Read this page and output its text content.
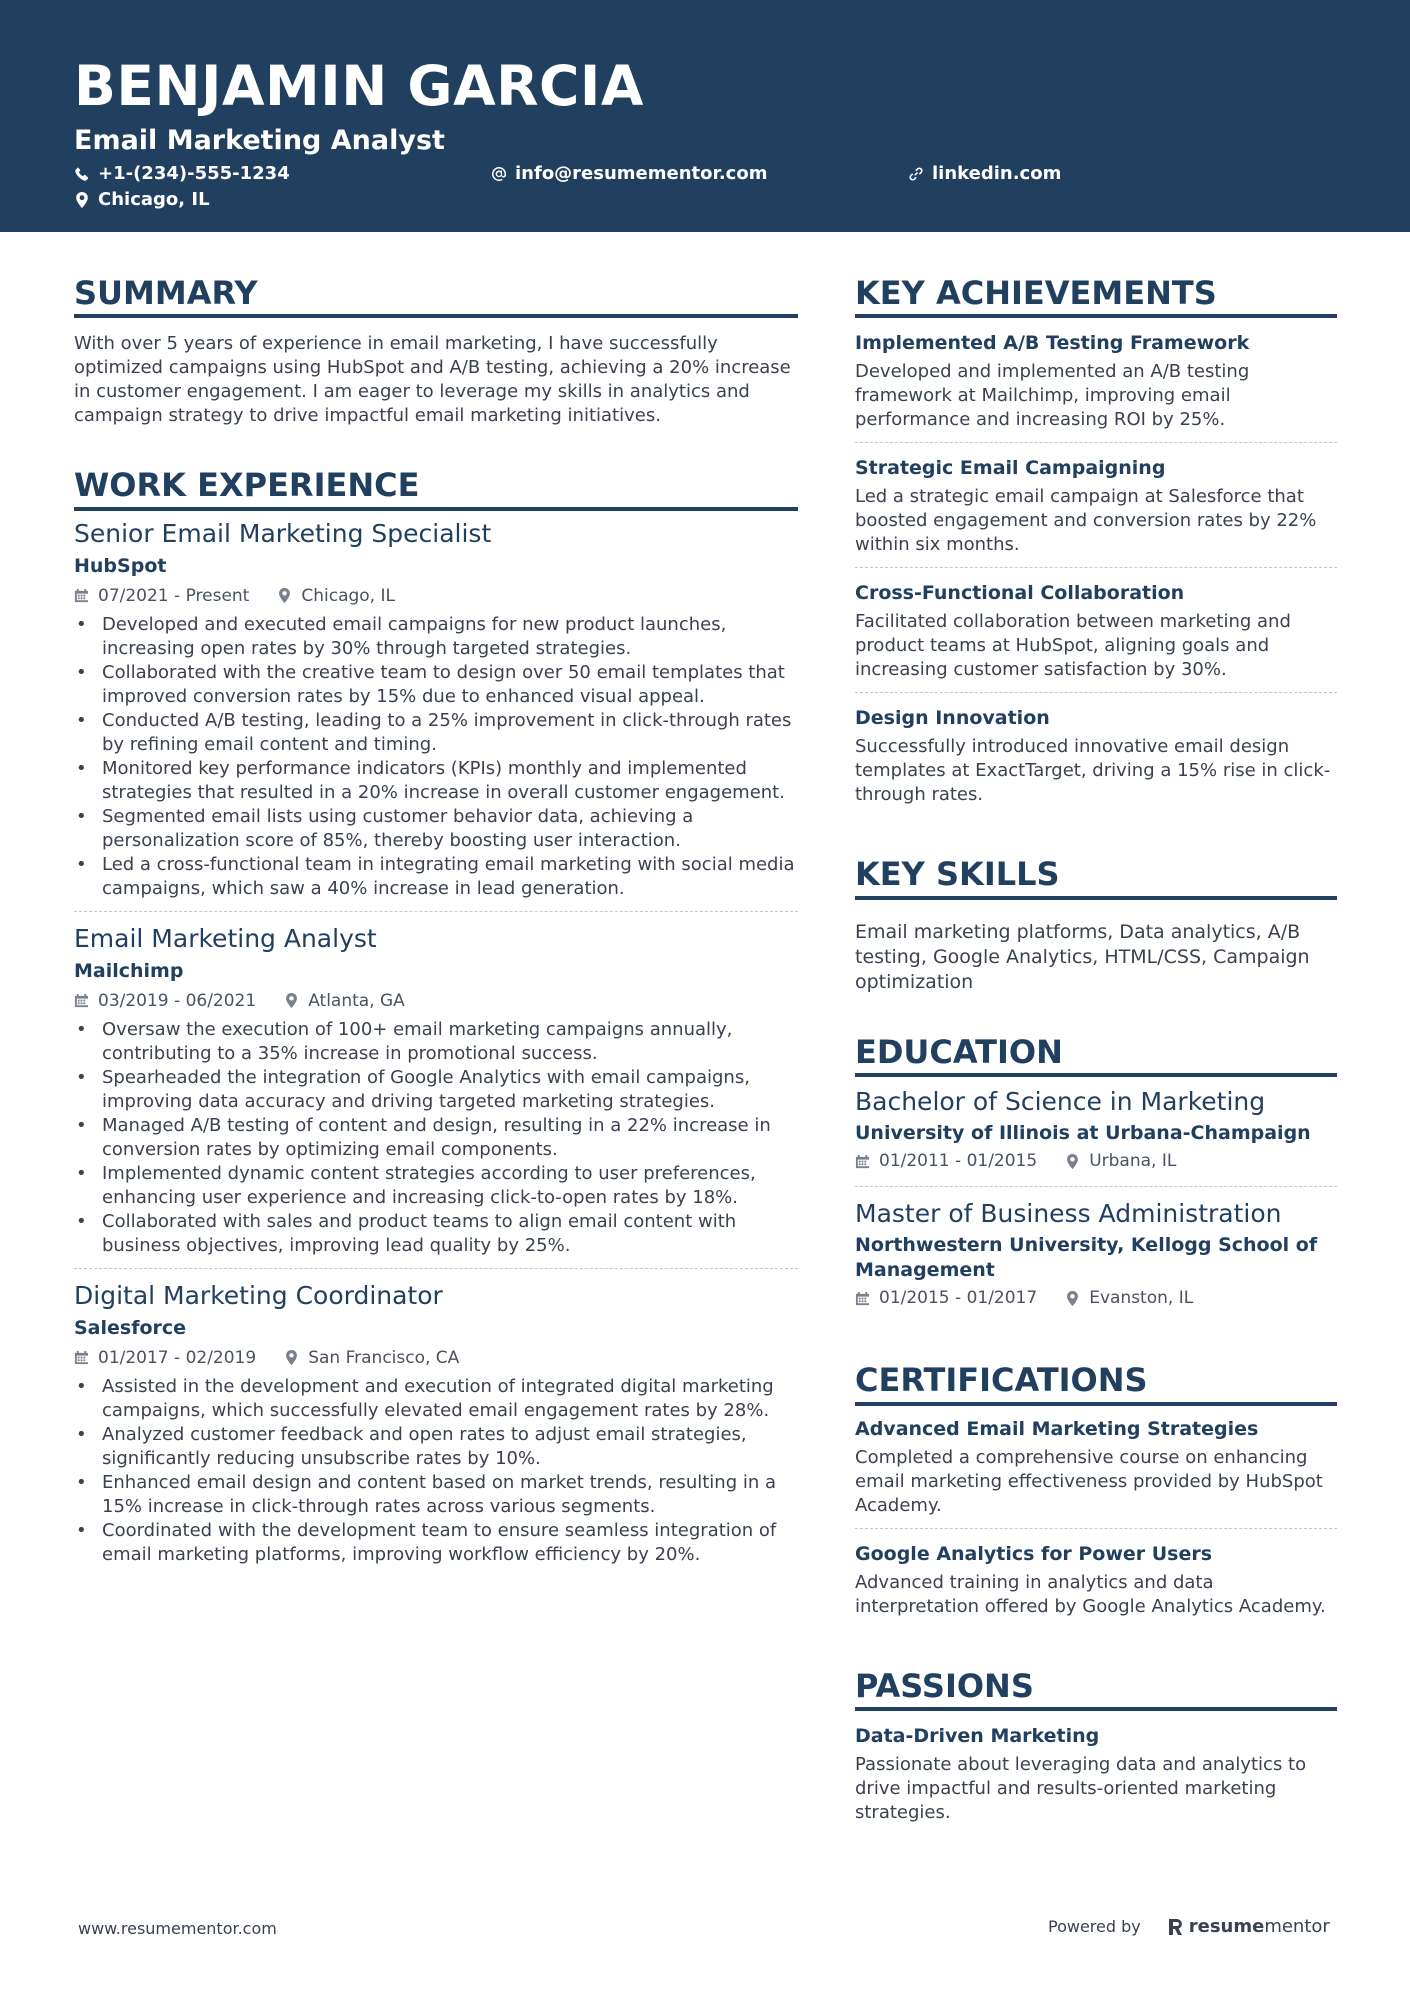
BENJAMIN GARCIA
Email Marketing Analyst
+1-(234)-555-1234	info@resumementor.com	linkedin.com
Chicago, IL
SUMMARY

With over 5 years of experience in email marketing, I have successfully optimized campaigns using HubSpot and A/B testing, achieving a 20% increase in customer engagement. I am eager to leverage my skills in analytics and campaign strategy to drive impactful email marketing initiatives.

WORK EXPERIENCE
Senior Email Marketing Specialist
HubSpot
07/2021 - Present	Chicago, IL
• Developed and executed email campaigns for new product launches, increasing open rates by 30% through targeted strategies.
• Collaborated with the creative team to design over 50 email templates that improved conversion rates by 15% due to enhanced visual appeal.
• Conducted A/B testing, leading to a 25% improvement in click-through rates by refining email content and timing.
• Monitored key performance indicators (KPIs) monthly and implemented strategies that resulted in a 20% increase in overall customer engagement.
• Segmented email lists using customer behavior data, achieving a personalization score of 85%, thereby boosting user interaction.
• Led a cross-functional team in integrating email marketing with social media campaigns, which saw a 40% increase in lead generation.
Email Marketing Analyst
Mailchimp
03/2019 - 06/2021	Atlanta, GA
• Oversaw the execution of 100+ email marketing campaigns annually, contributing to a 35% increase in promotional success.
• Spearheaded the integration of Google Analytics with email campaigns, improving data accuracy and driving targeted marketing strategies.
• Managed A/B testing of content and design, resulting in a 22% increase in conversion rates by optimizing email components.
• Implemented dynamic content strategies according to user preferences, enhancing user experience and increasing click-to-open rates by 18%.
• Collaborated with sales and product teams to align email content with business objectives, improving lead quality by 25%.
Digital Marketing Coordinator
Salesforce
01/2017 - 02/2019	San Francisco, CA
• Assisted in the development and execution of integrated digital marketing campaigns, which successfully elevated email engagement rates by 28%.
• Analyzed customer feedback and open rates to adjust email strategies, significantly reducing unsubscribe rates by 10%.
• Enhanced email design and content based on market trends, resulting in a 15% increase in click-through rates across various segments.
• Coordinated with the development team to ensure seamless integration of email marketing platforms, improving workflow efficiency by 20%.
KEY ACHIEVEMENTS
Implemented A/B Testing Framework
Developed and implemented an A/B testing framework at Mailchimp, improving email performance and increasing ROI by 25%.
Strategic Email Campaigning
Led a strategic email campaign at Salesforce that boosted engagement and conversion rates by 22% within six months.
Cross-Functional Collaboration
Facilitated collaboration between marketing and product teams at HubSpot, aligning goals and increasing customer satisfaction by 30%.
Design Innovation
Successfully introduced innovative email design templates at ExactTarget, driving a 15% rise in click-through rates.
KEY SKILLS

Email marketing platforms, Data analytics, A/B testing, Google Analytics, HTML/CSS, Campaign optimization

EDUCATION
Bachelor of Science in Marketing
University of Illinois at Urbana-Champaign
01/2011 - 01/2015	Urbana, IL
Master of Business Administration
Northwestern University, Kellogg School of Management
01/2015 - 01/2017	Evanston, IL
CERTIFICATIONS
Advanced Email Marketing Strategies
Completed a comprehensive course on enhancing email marketing effectiveness provided by HubSpot Academy.
Google Analytics for Power Users
Advanced training in analytics and data interpretation offered by Google Analytics Academy.
PASSIONS
Data-Driven Marketing
Passionate about leveraging data and analytics to drive impactful and results-oriented marketing strategies.
www.resumementor.com	Powered by	resumementor
